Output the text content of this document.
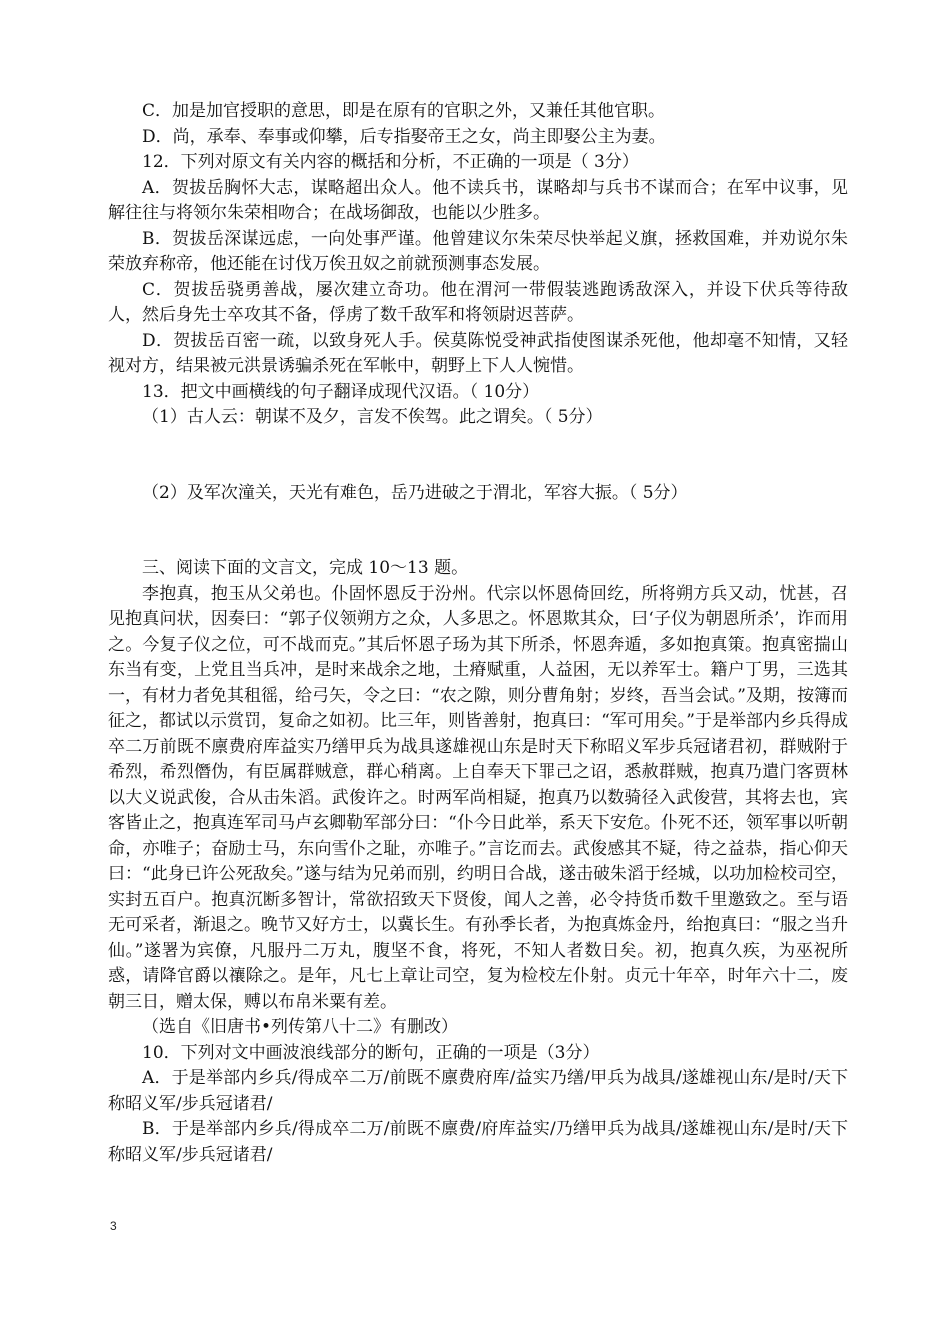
C．加是加官授职的意思，即是在原有的官职之外，又兼任其他官职。

D．尚，承奉、奉事或仰攀，后专指娶帝王之女，尚主即娶公主为妻。

12．下列对原文有关内容的概括和分析，不正确的一项是（ 3分）

A．贺拔岳胸怀大志，谋略超出众人。他不读兵书，谋略却与兵书不谋而合；在军中议事，见解往往与将领尔朱荣相吻合；在战场御敌，也能以少胜多。

B．贺拔岳深谋远虑，一向处事严谨。他曾建议尔朱荣尽快举起义旗，拯救国难，并劝说尔朱荣放弃称帝，他还能在讨伐万俟丑奴之前就预测事态发展。

C．贺拔岳骁勇善战，屡次建立奇功。他在渭河一带假装逃跑诱敌深入，并设下伏兵等待敌人，然后身先士卒攻其不备，俘虏了数千敌军和将领尉迟菩萨。

D．贺拔岳百密一疏，以致身死人手。侯莫陈悦受神武指使图谋杀死他，他却毫不知情，又轻视对方，结果被元洪景诱骗杀死在军帐中，朝野上下人人惋惜。

13．把文中画横线的句子翻译成现代汉语。（ 10分）

（1）古人云：朝谋不及夕，言发不俟驾。此之谓矣。（ 5分）

（2）及军次潼关，天光有难色，岳乃进破之于渭北，军容大振。（ 5分）

三、阅读下面的文言文，完成 10～13 题。

李抱真，抱玉从父弟也。仆固怀恩反于汾州。代宗以怀恩倚回纥，所将朔方兵又动，忧甚，召见抱真问状，因奏曰：“郭子仪领朔方之众，人多思之。怀恩欺其众，曰‘子仪为朝恩所杀’，诈而用之。今复子仪之位，可不战而克。”其后怀恩子玚为其下所杀，怀恩奔遁，多如抱真策。抱真密揣山东当有变，上党且当兵冲，是时来战余之地，土瘠赋重，人益困，无以养军士。籍户丁男，三选其一，有材力者免其租徭，给弓矢，令之曰：“农之隙，则分曹角射；岁终，吾当会试。”及期，按簿而征之，都试以示赏罚，复命之如初。比三年，则皆善射，抱真曰：“军可用矣。”于是举部内乡兵得成卒二万前既不廪费府库益实乃缮甲兵为战具遂雄视山东是时天下称昭义军步兵冠诸君初，群贼附于希烈，希烈僭伪，有臣属群贼意，群心稍离。上自奉天下罪己之诏，悉赦群贼，抱真乃遣门客贾林以大义说武俊，合从击朱滔。武俊许之。时两军尚相疑，抱真乃以数骑径入武俊营，其将去也，宾客皆止之，抱真连军司马卢玄卿勒军部分曰：“仆今日此举，系天下安危。仆死不还，领军事以听朝命，亦唯子；奋励士马，东向雪仆之耻，亦唯子。”言讫而去。武俊感其不疑，待之益恭，指心仰天曰：“此身已许公死敌矣。”遂与结为兄弟而别，约明日合战，遂击破朱滔于经城，以功加检校司空，实封五百户。抱真沉断多智计，常欲招致天下贤俊，闻人之善，必令持货币数千里邀致之。至与语无可采者，渐退之。晚节又好方士，以冀长生。有孙季长者，为抱真炼金丹，绐抱真曰：“服之当升仙。”遂署为宾僚，凡服丹二万丸，腹坚不食，将死，不知人者数日矣。初，抱真久疾，为巫祝所惑，请降官爵以禳除之。是年，凡七上章让司空，复为检校左仆射。贞元十年卒，时年六十二，废朝三日，赠太保，赙以布帛米粟有差。

（选自《旧唐书•列传第八十二》有删改）

10．下列对文中画波浪线部分的断句，正确的一项是（3分）

A．于是举部内乡兵/得成卒二万/前既不廪费府库/益实乃缮/甲兵为战具/遂雄视山东/是时/天下称昭义军/步兵冠诸君/

B．于是举部内乡兵/得成卒二万/前既不廪费/府库益实/乃缮甲兵为战具/遂雄视山东/是时/天下称昭义军/步兵冠诸君/

3
